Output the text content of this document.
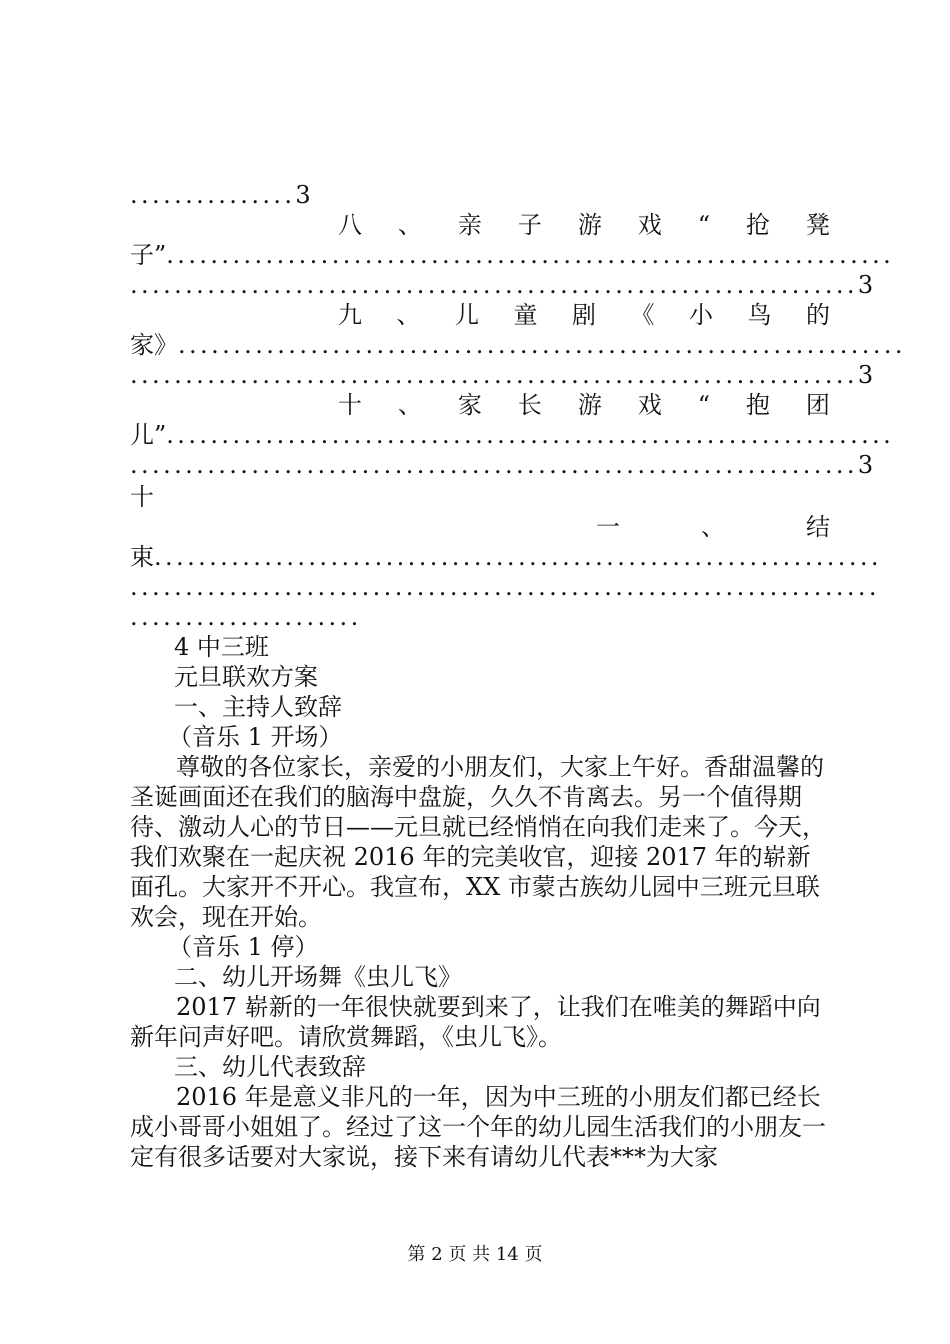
...............3
八 、 亲 子 游 戏 “ 抢 凳
子”..................................................................
..................................................................3
九 、 儿 童 剧 《 小 鸟 的
家》..................................................................
..................................................................3
十 、 家 长 游 戏 “ 抱 团
儿”..................................................................
..................................................................3
十
一	、	结
束..................................................................
....................................................................
.....................

4 中三班

元旦联欢方案

一、主持人致辞

（音乐 1 开场）

尊敬的各位家长，亲爱的小朋友们，大家上午好。香甜温馨的圣诞画面还在我们的脑海中盘旋，久久不肯离去。另一个值得期待、激动人心的节日——元旦就已经悄悄在向我们走来了。今天，我们欢聚在一起庆祝 2016 年的完美收官，迎接 2017 年的崭新面孔。大家开不开心。我宣布，XX 市蒙古族幼儿园中三班元旦联欢会，现在开始。

（音乐 1 停）

二、幼儿开场舞《虫儿飞》

2017 崭新的一年很快就要到来了，让我们在唯美的舞蹈中向新年问声好吧。请欣赏舞蹈，《虫儿飞》。

三、幼儿代表致辞

2016 年是意义非凡的一年，因为中三班的小朋友们都已经长成小哥哥小姐姐了。经过了这一个年的幼儿园生活我们的小朋友一定有很多话要对大家说，接下来有请幼儿代表***为大家

第 2 页 共 14 页
